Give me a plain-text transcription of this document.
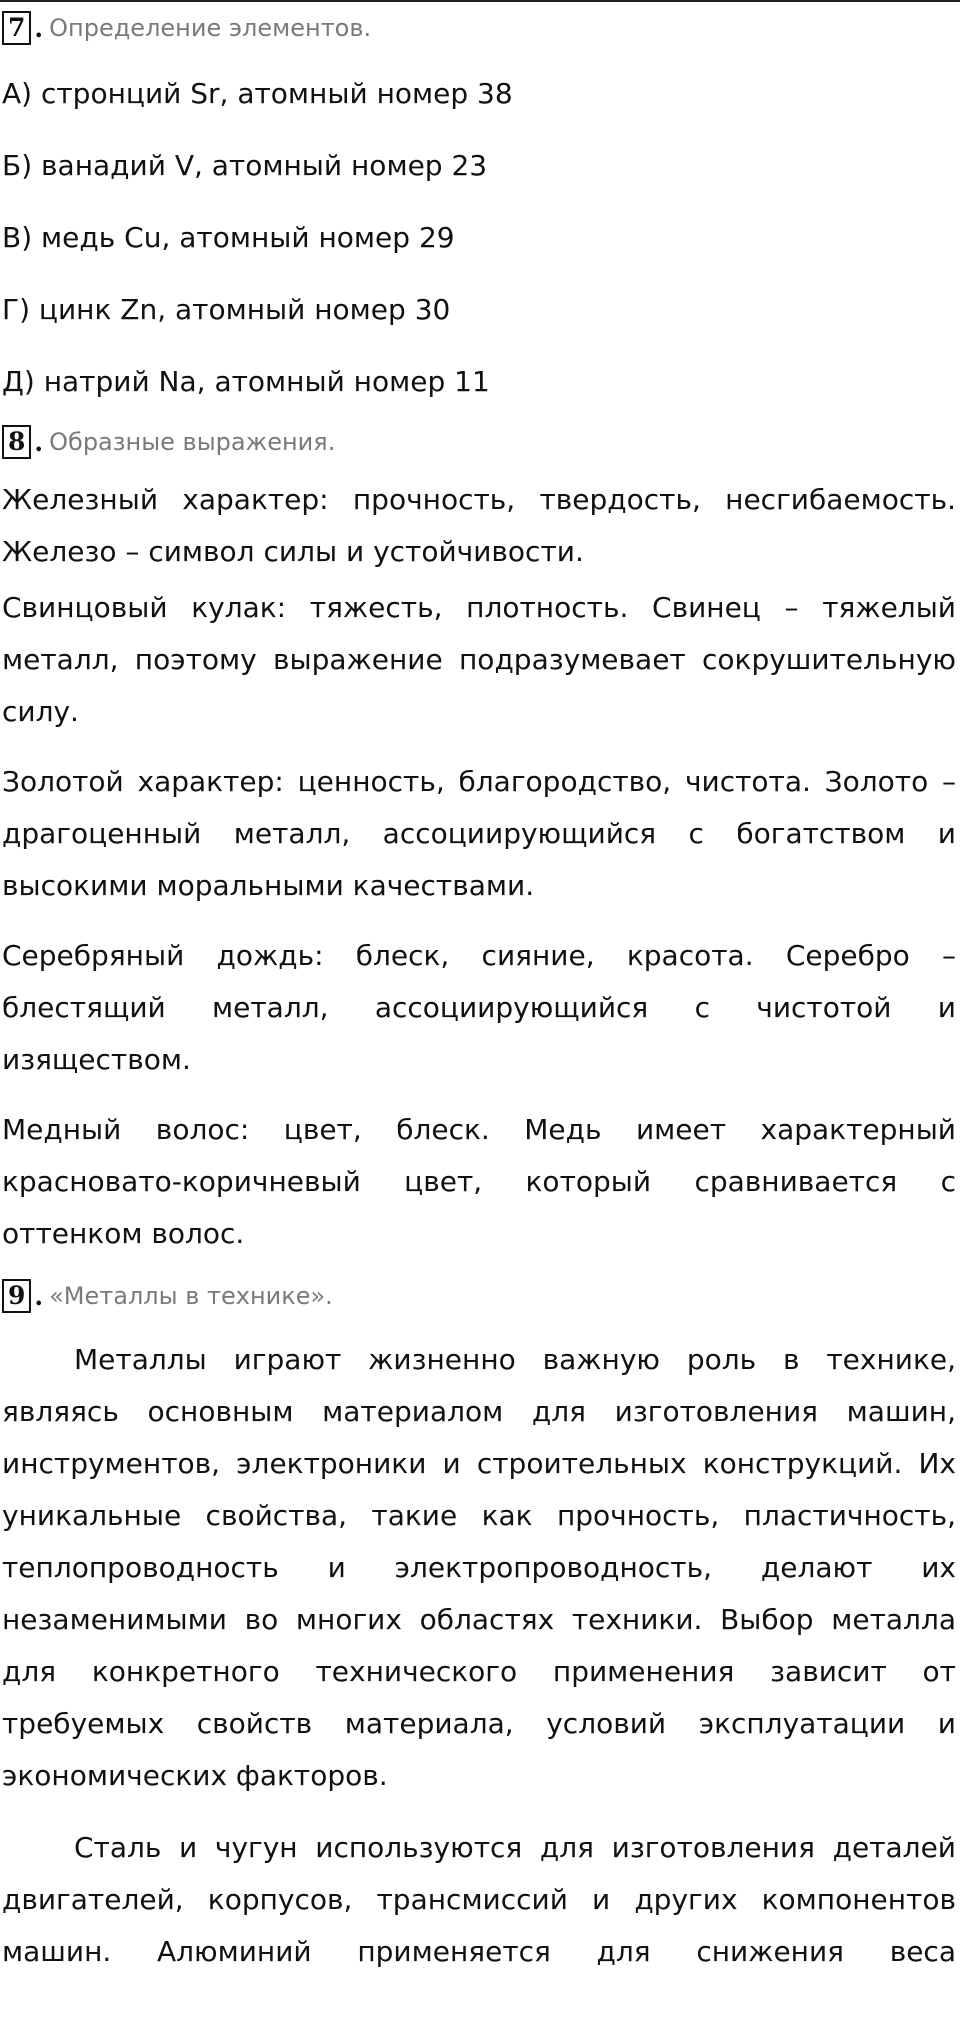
7 . Определение элементов.
А) стронций Sr, атомный номер 38
Б) ванадий V, атомный номер 23
В) медь Cu, атомный номер 29
Г) цинк Zn, атомный номер 30
Д) натрий Na, атомный номер 11
8 . Образные выражения.

Железный характер: прочность, твердость, несгибаемость. Железо – символ силы и устойчивости.

Свинцовый кулак: тяжесть, плотность. Свинец – тяжелый металл, поэтому выражение подразумевает сокрушительную силу.

Золотой характер: ценность, благородство, чистота. Золото – драгоценный металл, ассоциирующийся с богатством и высокими моральными качествами.

Серебряный дождь: блеск, сияние, красота. Серебро – блестящий металл, ассоциирующийся с чистотой и изяществом.

Медный волос: цвет, блеск. Медь имеет характерный красновато-коричневый цвет, который сравнивается с оттенком волос.

9 . «Металлы в технике».

Металлы играют жизненно важную роль в технике, являясь основным материалом для изготовления машин, инструментов, электроники и строительных конструкций. Их уникальные свойства, такие как прочность, пластичность, теплопроводность и электропроводность, делают их незаменимыми во многих областях техники. Выбор металла для конкретного технического применения зависит от требуемых свойств материала, условий эксплуатации и экономических факторов.

Сталь и чугун используются для изготовления деталей двигателей, корпусов, трансмиссий и других компонентов машин. Алюминий применяется для снижения веса
